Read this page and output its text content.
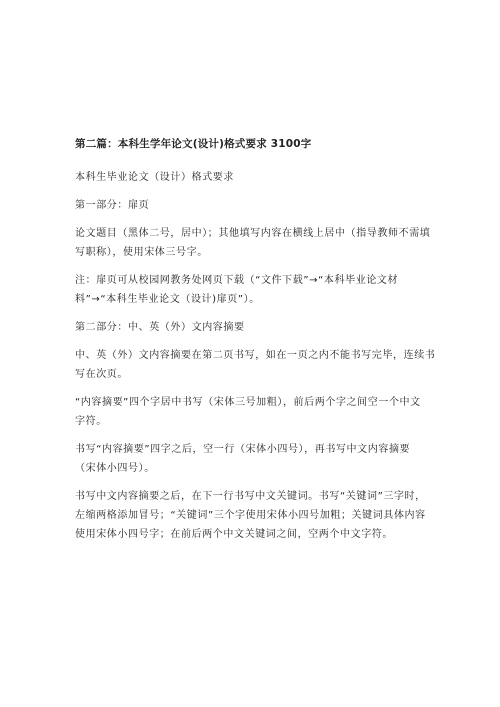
第二篇：本科生学年论文(设计)格式要求 3100字
本科生毕业论文（设计）格式要求
第一部分：扉页
论文题目（黑体二号，居中）；其他填写内容在横线上居中（指导教师不需填
写职称），使用宋体三号字。
注：扉页可从校园网教务处网页下载（“文件下载”→“本科毕业论文材
料”→“本科生毕业论文（设计)扉页”）。
第二部分：中、英（外）文内容摘要
中、英（外）文内容摘要在第二页书写，如在一页之内不能书写完毕，连续书
写在次页。
“内容摘要”四个字居中书写（宋体三号加粗），前后两个字之间空一个中文
字符。
书写“内容摘要”四字之后，空一行（宋体小四号），再书写中文内容摘要
（宋体小四号）。
书写中文内容摘要之后，在下一行书写中文关键词。书写“关键词”三字时，
左缩两格添加冒号；“关键词”三个字使用宋体小四号加粗；关键词具体内容
使用宋体小四号字；在前后两个中文关键词之间，空两个中文字符。
